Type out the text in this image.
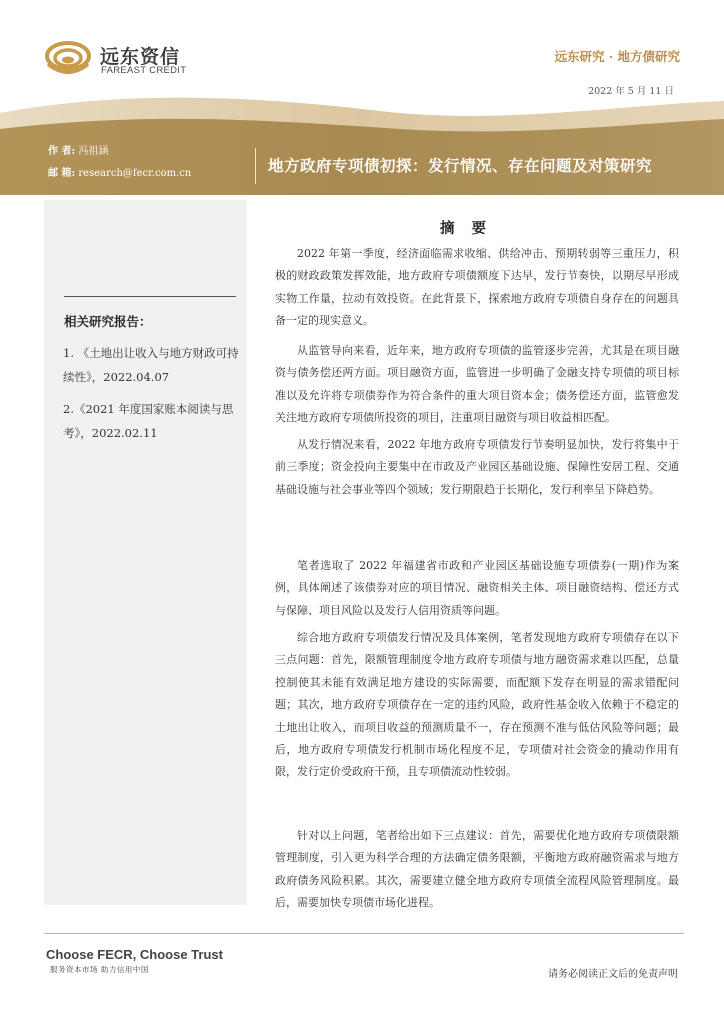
远东资信
FAREAST CREDIT
远东研究 · 地方债研究
2022 年 5 月 11 日
作 者: 冯祖涵
邮 箱: research@fecr.com.cn	地方政府专项债初探：发行情况、存在问题及对策研究
相关研究报告：
1. 《土地出让收入与地方财政可持续性》，2022.04.07
2.《2021 年度国家账本阅读与思考》，2022.02.11
摘 要
2022 年第一季度，经济面临需求收缩、供给冲击、预期转弱等三重压力，积极的财政政策发挥效能，地方政府专项债额度下达早，发行节奏快，以期尽早形成实物工作量，拉动有效投资。在此背景下，探索地方政府专项债自身存在的问题具备一定的现实意义。
从监管导向来看，近年来，地方政府专项债的监管逐步完善，尤其是在项目融资与债务偿还两方面。项目融资方面，监管进一步明确了金融支持专项债的项目标准以及允许将专项债券作为符合条件的重大项目资本金；债务偿还方面，监管愈发关注地方政府专项债所投资的项目，注重项目融资与项目收益相匹配。
从发行情况来看，2022 年地方政府专项债发行节奏明显加快，发行将集中于前三季度；资金投向主要集中在市政及产业园区基础设施、保障性安居工程、交通基础设施与社会事业等四个领域；发行期限趋于长期化，发行利率呈下降趋势。
笔者选取了 2022 年福建省市政和产业园区基础设施专项债券(一期)作为案例，具体阐述了该债券对应的项目情况、融资相关主体、项目融资结构、偿还方式与保障、项目风险以及发行人信用资质等问题。
综合地方政府专项债发行情况及具体案例，笔者发现地方政府专项债存在以下三点问题：首先，限额管理制度令地方政府专项债与地方融资需求难以匹配，总量控制使其未能有效满足地方建设的实际需要，而配额下发存在明显的需求错配问题；其次，地方政府专项债存在一定的违约风险，政府性基金收入依赖于不稳定的土地出让收入，而项目收益的预测质量不一，存在预测不准与低估风险等问题；最后，地方政府专项债发行机制市场化程度不足，专项债对社会资金的撬动作用有限，发行定价受政府干预，且专项债流动性较弱。
针对以上问题，笔者给出如下三点建议：首先，需要优化地方政府专项债限额管理制度，引入更为科学合理的方法确定债务限额，平衡地方政府融资需求与地方政府债务风险积累。其次，需要建立健全地方政府专项债全流程风险管理制度。最后，需要加快专项债市场化进程。
Choose FECR, Choose Trust
服务资本市场 助力信用中国	请务必阅读正文后的免责声明
